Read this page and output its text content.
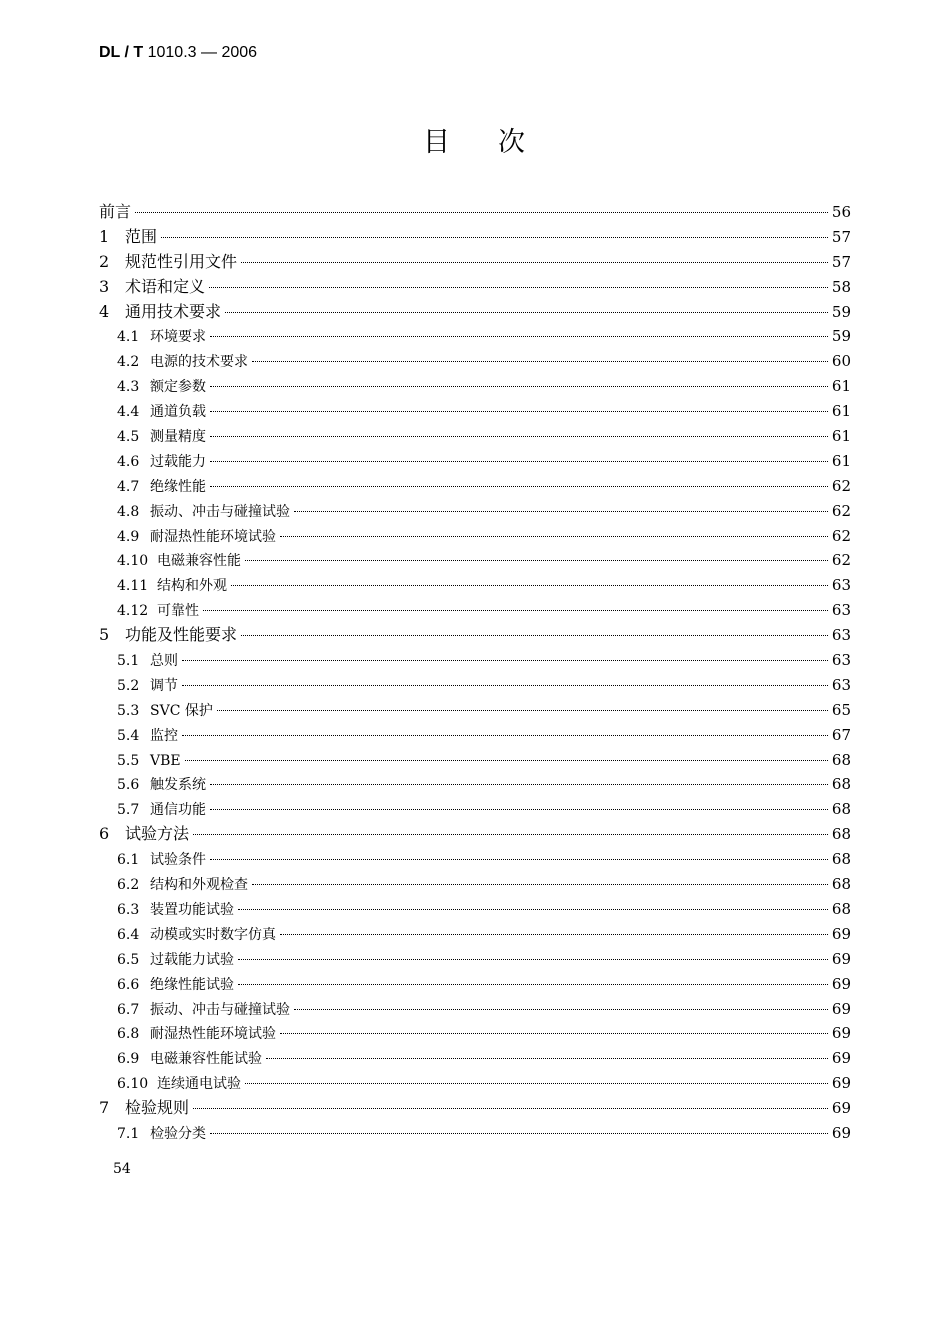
DL / T 1010.3 — 2006
目 次
前言	56
1 范围	57
2 规范性引用文件	57
3 术语和定义	58
4 通用技术要求	59
4.1 环境要求	59
4.2 电源的技术要求	60
4.3 额定参数	61
4.4 通道负载	61
4.5 测量精度	61
4.6 过载能力	61
4.7 绝缘性能	62
4.8 振动、冲击与碰撞试验	62
4.9 耐湿热性能环境试验	62
4.10 电磁兼容性能	62
4.11 结构和外观	63
4.12 可靠性	63
5 功能及性能要求	63
5.1 总则	63
5.2 调节	63
5.3 SVC 保护	65
5.4 监控	67
5.5 VBE	68
5.6 触发系统	68
5.7 通信功能	68
6 试验方法	68
6.1 试验条件	68
6.2 结构和外观检查	68
6.3 装置功能试验	68
6.4 动模或实时数字仿真	69
6.5 过载能力试验	69
6.6 绝缘性能试验	69
6.7 振动、冲击与碰撞试验	69
6.8 耐湿热性能环境试验	69
6.9 电磁兼容性能试验	69
6.10 连续通电试验	69
7 检验规则	69
7.1 检验分类	69
54
